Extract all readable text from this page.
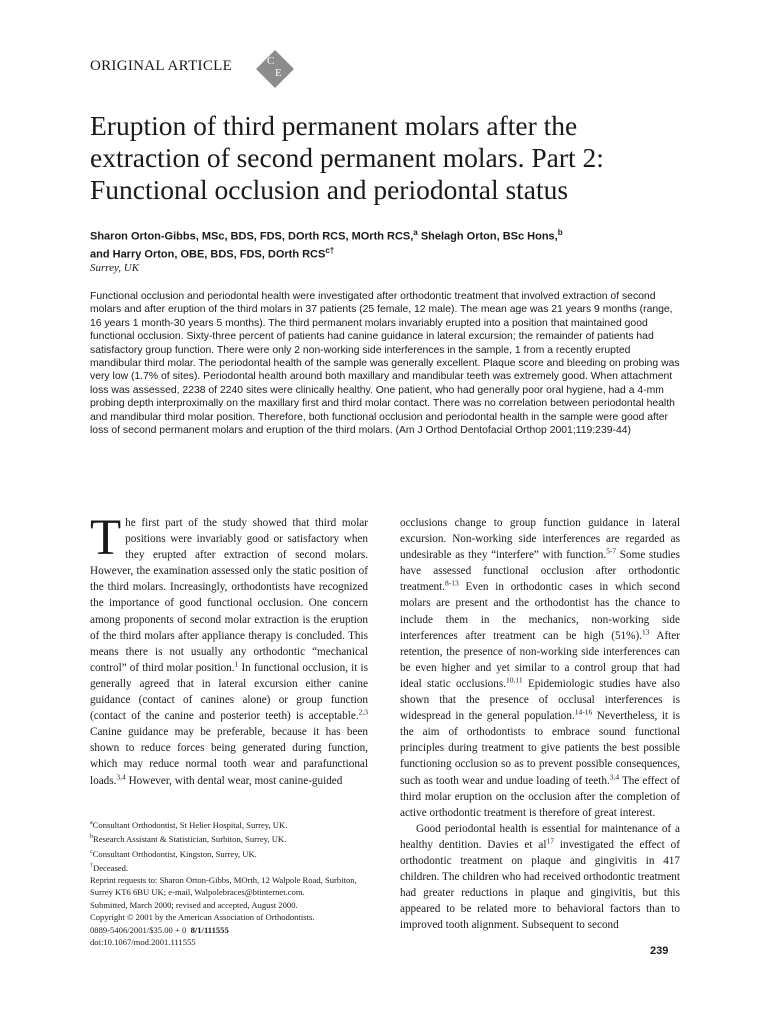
ORIGINAL ARTICLE	C
E
Eruption of third permanent molars after the extraction of second permanent molars. Part 2: Functional occlusion and periodontal status
Sharon Orton-Gibbs, MSc, BDS, FDS, DOrth RCS, MOrth RCS,$^a$ Shelagh Orton, BSc Hons,$^b$
and Harry Orton, OBE, BDS, FDS, DOrth $RCS^{c\dagger}$
Surrey, UK

Functional occlusion and periodontal health were investigated after orthodontic treatment that involved extraction of second molars and after eruption of the third molars in 37 patients (25 female, 12 male). The mean age was 21 years 9 months (range, 16 years 1 month-30 years 5 months). The third permanent molars invariably erupted into a position that maintained good functional occlusion. Sixty-three percent of patients had canine guidance in lateral excursion; the remainder of patients had satisfactory group function. There were only 2 non-working side interferences in the sample, 1 from a recently erupted mandibular third molar. The periodontal health of the sample was generally excellent. Plaque score and bleeding on probing was very low (1.7% of sites). Periodontal health around both maxillary and mandibular teeth was extremely good. When attachment loss was assessed, 2238 of 2240 sites were clinically healthy. One patient, who had generally poor oral hygiene, had a 4-mm probing depth interproximally on the maxillary first and third molar contact. There was no correlation between periodontal health and mandibular third molar position. Therefore, both functional occlusion and periodontal health in the sample were good after loss of second permanent molars and eruption of the third molars. (Am J Orthod Dentofacial Orthop 2001;119:239-44)

The first part of the study showed that third molar positions were invariably good or satisfactory when they erupted after extraction of second molars. However, the examination assessed only the static position of the third molars. Increasingly, orthodontists have recognized the importance of good functional occlusion. One concern among proponents of second molar extraction is the eruption of the third molars after appliance therapy is concluded. This means there is not usually any orthodontic “mechanical control” of third molar position.$^1$ In functional occlusion, it is generally agreed that in lateral excursion either canine guidance (contact of canines alone) or group function (contact of the canine and posterior teeth) is acceptable.$^{2,3}$ Canine guidance may be preferable, because it has been shown to reduce forces being generated during function, which may reduce normal tooth wear and parafunctional loads.$^{3,4}$ However, with dental wear, most canine-guided

occlusions change to group function guidance in lateral excursion. Non-working side interferences are regarded as undesirable as they “interfere” with function.$^{5-7}$ Some studies have assessed functional occlusion after orthodontic treatment.$^{8-13}$ Even in orthodontic cases in which second molars are present and the orthodontist has the chance to include them in the mechanics, non-working side interferences after treatment can be high (51%).$^{13}$ After retention, the presence of non-working side interferences can be even higher and yet similar to a control group that had ideal static occlusions.$^{10,11}$ Epidemiologic studies have also shown that the presence of occlusal interferences is widespread in the general population.$^{14-16}$ Nevertheless, it is the aim of orthodontists to embrace sound functional principles during treatment to give patients the best possible functioning occlusion so as to prevent possible consequences, such as tooth wear and undue loading of teeth.$^{3,4}$ The effect of third molar eruption on the occlusion after the completion of active orthodontic treatment is therefore of great interest.

Good periodontal health is essential for maintenance of a healthy dentition. Davies et $al^{17}$ investigated the effect of orthodontic treatment on plaque and gingivitis in 417 children. The children who had received orthodontic treatment had greater reductions in plaque and gingivitis, but this appeared to be related more to behavioral factors than to improved tooth alignment. Subsequent to second

$^a$Consultant Orthodontist, St Helier Hospital, Surrey, UK.
$^b$Research Assistant & Statistician, Surbiton, Surrey, UK.
$^c$Consultant Orthodontist, Kingston, Surrey, UK.
†Deceased.
Reprint requests to: Sharon Orton-Gibbs, MOrth, 12 Walpole Road, Surbiton,
Surrey KT6 6BU UK; e-mail, Walpolebraces@btinternet.com.
Submitted, March 2000; revised and accepted, August 2000.
Copyright © 2001 by the American Association of Orthodontists.
0889-5406/2001/$35.00 + 0 8/1/111555
doi:10.1067/mod.2001.111555
239
